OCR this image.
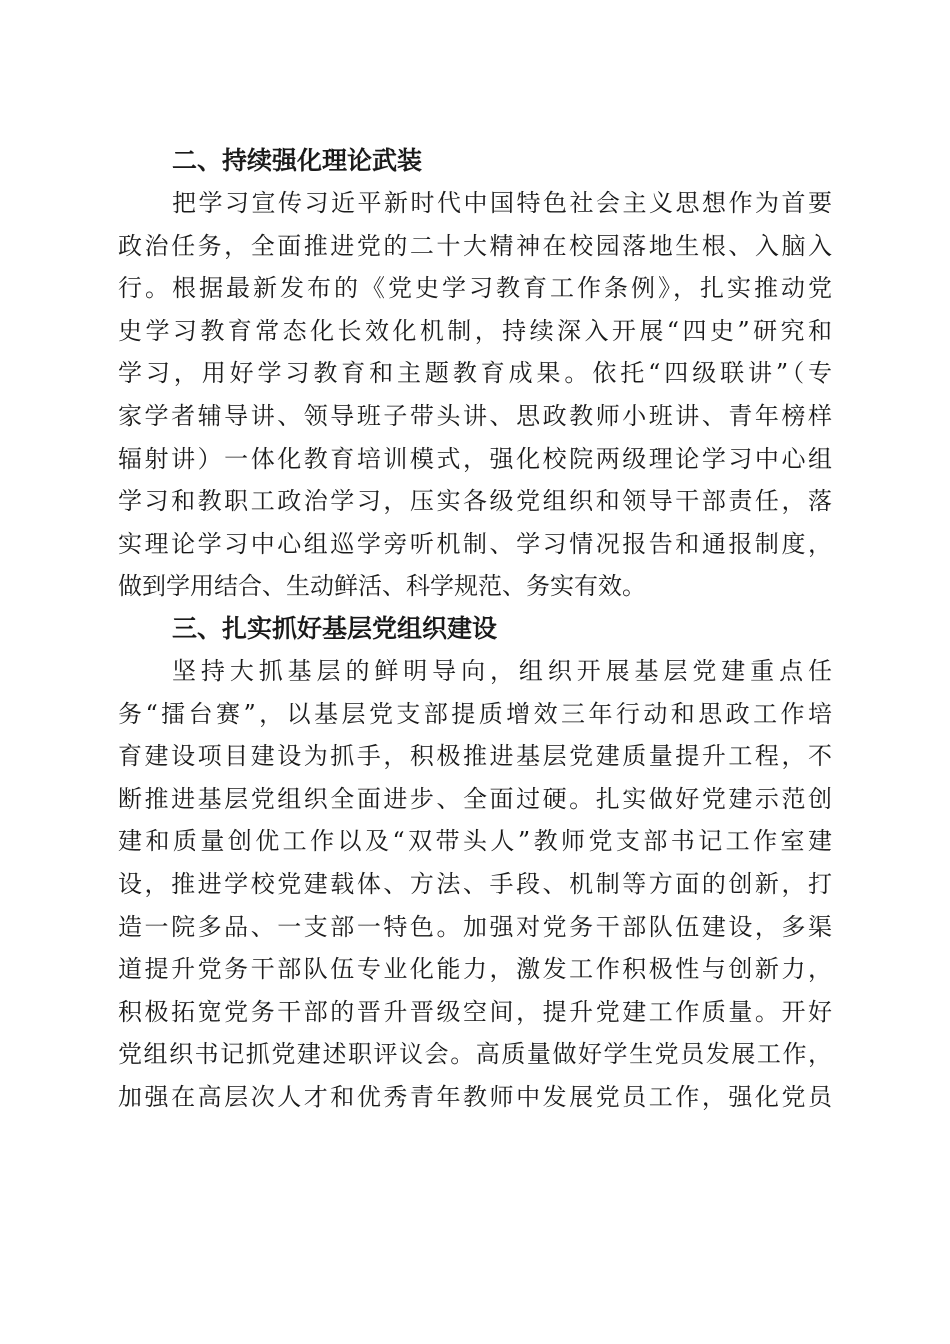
二、持续强化理论武装

把学习宣传习近平新时代中国特色社会主义思想作为首要
政治任务，全面推进党的二十大精神在校园落地生根、入脑入
行。根据最新发布的《党史学习教育工作条例》，扎实推动党
史学习教育常态化长效化机制，持续深入开展“四史”研究和
学习，用好学习教育和主题教育成果。依托“四级联讲”（专
家学者辅导讲、领导班子带头讲、思政教师小班讲、青年榜样
辐射讲）一体化教育培训模式，强化校院两级理论学习中心组
学习和教职工政治学习，压实各级党组织和领导干部责任，落
实理论学习中心组巡学旁听机制、学习情况报告和通报制度，
做到学用结合、生动鲜活、科学规范、务实有效。

三、扎实抓好基层党组织建设

坚持大抓基层的鲜明导向，组织开展基层党建重点任
务“擂台赛”，以基层党支部提质增效三年行动和思政工作培
育建设项目建设为抓手，积极推进基层党建质量提升工程，不
断推进基层党组织全面进步、全面过硬。扎实做好党建示范创
建和质量创优工作以及“双带头人”教师党支部书记工作室建
设，推进学校党建载体、方法、手段、机制等方面的创新，打
造一院多品、一支部一特色。加强对党务干部队伍建设，多渠
道提升党务干部队伍专业化能力，激发工作积极性与创新力，
积极拓宽党务干部的晋升晋级空间，提升党建工作质量。开好
党组织书记抓党建述职评议会。高质量做好学生党员发展工作，
加强在高层次人才和优秀青年教师中发展党员工作，强化党员
